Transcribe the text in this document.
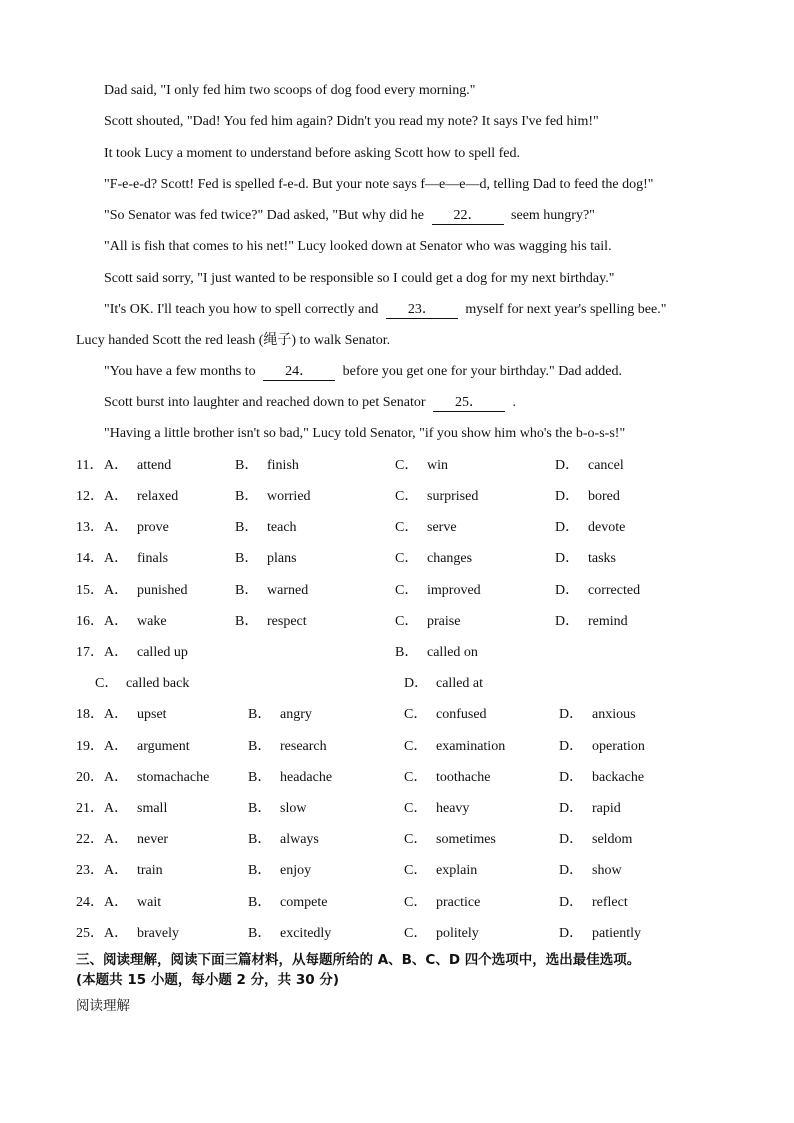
Dad said, "I only fed him two scoops of dog food every morning."
Scott shouted, "Dad! You fed him again? Didn't you read my note? It says I've fed him!"
It took Lucy a moment to understand before asking Scott how to spell fed.
"F-e-e-d? Scott! Fed is spelled f-e-d. But your note says f—e—e—d, telling Dad to feed the dog!"
"So Senator was fed twice?" Dad asked, "But why did he 22． seem hungry?"
"All is fish that comes to his net!" Lucy looked down at Senator who was wagging his tail.
Scott said sorry, "I just wanted to be responsible so I could get a dog for my next birthday."
"It's OK. I'll teach you how to spell correctly and 23． myself for next year's spelling bee."
Lucy handed Scott the red leash (绳子) to walk Senator.
"You have a few months to 24． before you get one for your birthday." Dad added.
Scott burst into laughter and reached down to pet Senator 25． .
"Having a little brother isn't so bad," Lucy told Senator, "if you show him who's the b-o-s-s!"
11． A． attend	B． finish	C． win	D． cancel
12． A． relaxed	B． worried	C． surprised	D． bored
13． A． prove	B． teach	C． serve	D． devote
14． A． finals	B． plans	C． changes	D． tasks
15． A． punished	B． warned	C． improved	D． corrected
16． A． wake	B． respect	C． praise	D． remind
17． A． called up	B． called on
C． called back	D． called at
18． A． upset	B． angry	C． confused	D． anxious
19． A． argument	B． research	C． examination	D． operation
20． A． stomachache	B． headache	C． toothache	D． backache
21． A． small	B． slow	C． heavy	D． rapid
22． A． never	B． always	C． sometimes	D． seldom
23． A． train	B． enjoy	C． explain	D． show
24． A． wait	B． compete	C． practice	D． reflect
25． A． bravely	B． excitedly	C． politely	D． patiently
三、阅读理解，阅读下面三篇材料，从每题所给的 A、B、C、D 四个选项中，选出最佳选项。
(本题共 15 小题，每小题 2 分，共 30 分)
阅读理解
